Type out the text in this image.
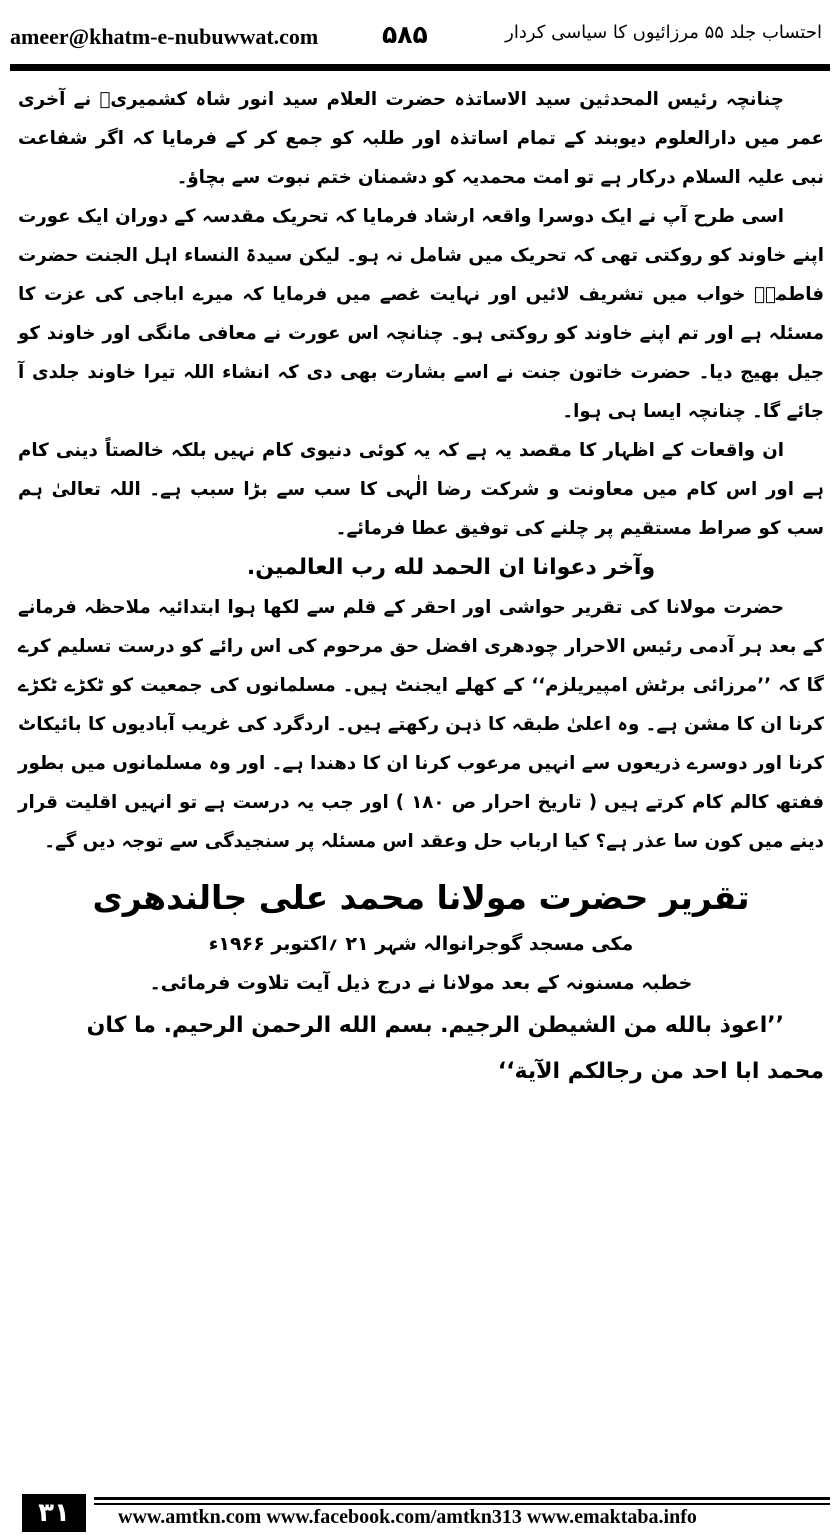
ameer@khatm-e-nubuwwat.com	۵۸۵	احتساب جلد ۵۵ مرزائیوں کا سیاسی کردار

چنانچہ رئیس المحدثین سید الاساتذہ حضرت العلام سید انور شاہ کشمیریؒ نے آخری عمر میں دارالعلوم دیوبند کے تمام اساتذہ اور طلبہ کو جمع کر کے فرمایا کہ اگر شفاعت نبی علیہ السلام درکار ہے تو امت محمدیہ کو دشمنان ختم نبوت سے بچاؤ۔

اسی طرح آپ نے ایک دوسرا واقعہ ارشاد فرمایا کہ تحریک مقدسہ کے دوران ایک عورت اپنے خاوند کو روکتی تھی کہ تحریک میں شامل نہ ہو۔ لیکن سیدۃ النساء اہل الجنت حضرت فاطمہؓ خواب میں تشریف لائیں اور نہایت غصے میں فرمایا کہ میرے اباجی کی عزت کا مسئلہ ہے اور تم اپنے خاوند کو روکتی ہو۔ چنانچہ اس عورت نے معافی مانگی اور خاوند کو جیل بھیج دیا۔ حضرت خاتون جنت نے اسے بشارت بھی دی کہ انشاء اللہ تیرا خاوند جلدی آ جائے گا۔ چنانچہ ایسا ہی ہوا۔

ان واقعات کے اظہار کا مقصد یہ ہے کہ یہ کوئی دنیوی کام نہیں بلکہ خالصتاً دینی کام ہے اور اس کام میں معاونت و شرکت رضا الٰہی کا سب سے بڑا سبب ہے۔ اللہ تعالیٰ ہم سب کو صراط مستقیم پر چلنے کی توفیق عطا فرمائے۔

وآخر دعوانا ان الحمد لله رب العالمين.

حضرت مولانا کی تقریر حواشی اور احقر کے قلم سے لکھا ہوا ابتدائیہ ملاحظہ فرمانے کے بعد ہر آدمی رئیس الاحرار چودھری افضل حق مرحوم کی اس رائے کو درست تسلیم کرے گا کہ ’’مرزائی برٹش امپیریلزم‘‘ کے کھلے ایجنٹ ہیں۔ مسلمانوں کی جمعیت کو ٹکڑے ٹکڑے کرنا ان کا مشن ہے۔ وہ اعلیٰ طبقہ کا ذہن رکھتے ہیں۔ اردگرد کی غریب آبادیوں کا بائیکاٹ کرنا اور دوسرے ذریعوں سے انہیں مرعوب کرنا ان کا دھندا ہے۔ اور وہ مسلمانوں میں بطور ففتھ کالم کام کرتے ہیں ( تاریخ احرار ص ۱۸۰ ) اور جب یہ درست ہے تو انہیں اقلیت قرار دینے میں کون سا عذر ہے؟ کیا ارباب حل وعقد اس مسئلہ پر سنجیدگی سے توجہ دیں گے۔

تقریر حضرت مولانا محمد علی جالندھری

مکی مسجد گوجرانوالہ شہر ۲۱ ؍اکتوبر ۱۹۶۶ء

خطبہ مسنونہ کے بعد مولانا نے درج ذیل آیت تلاوت فرمائی۔

’’اعوذ بالله من الشيطن الرجيم. بسم الله الرحمن الرحيم. ما كان

محمد ابا احد من رجالكم الآية‘‘

۳۱	www.amtkn.com www.facebook.com/amtkn313 www.emaktaba.info
